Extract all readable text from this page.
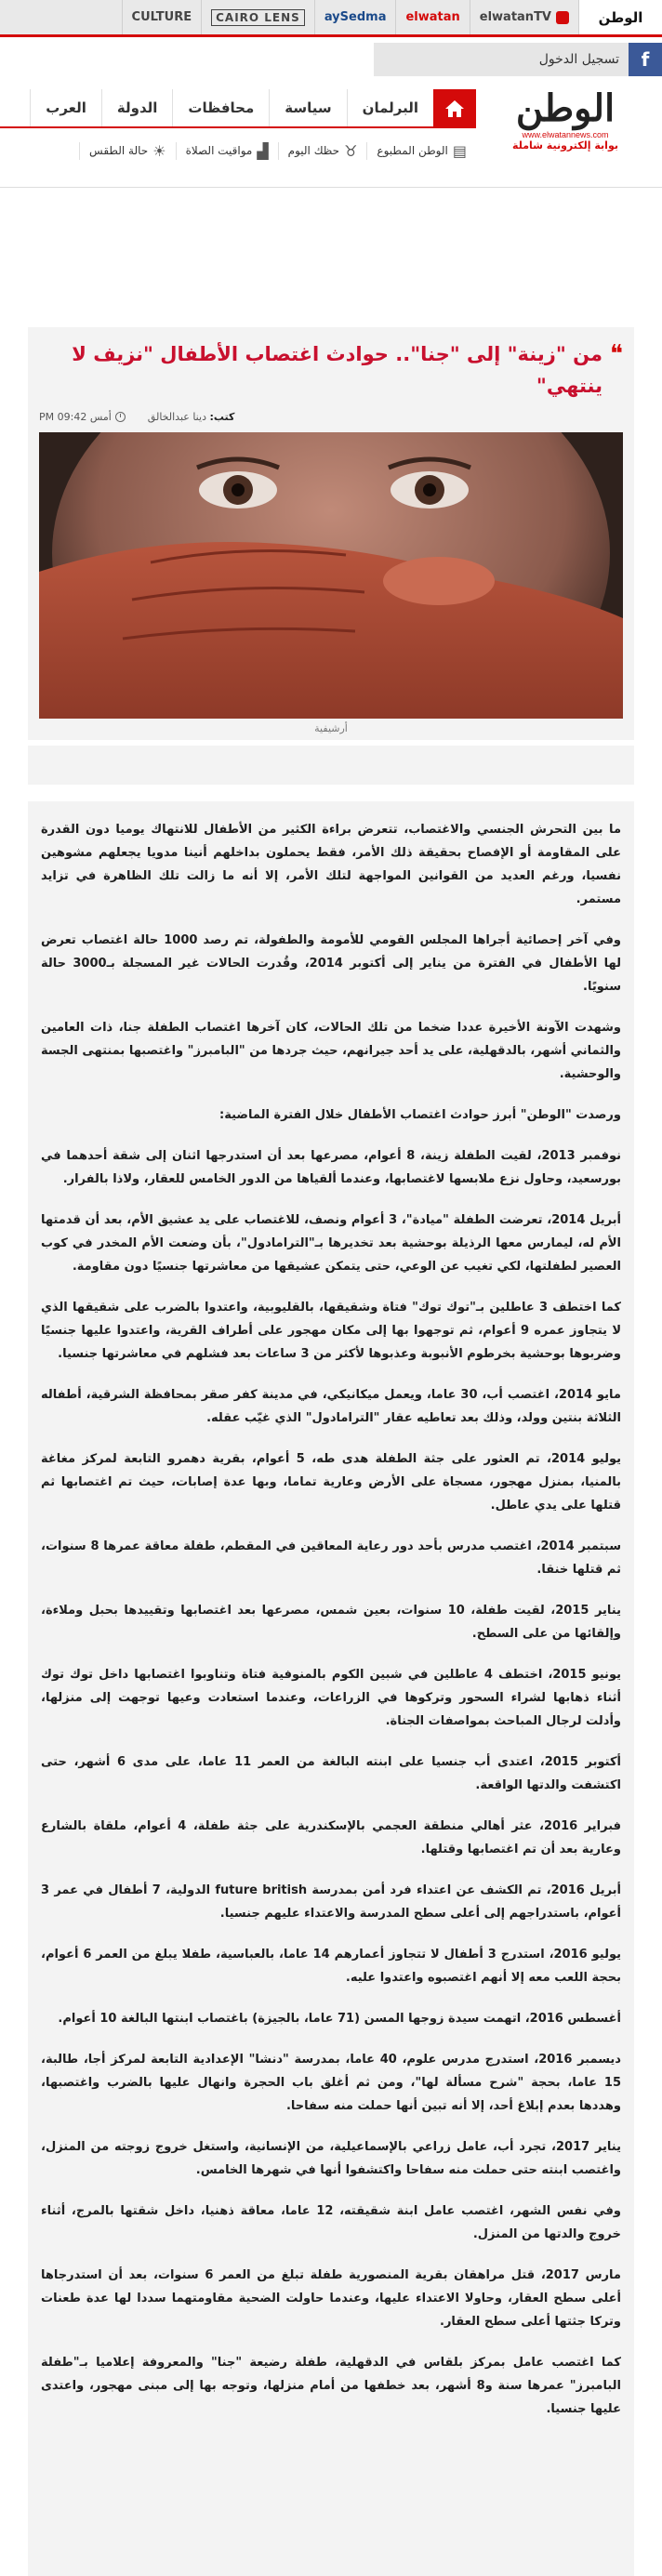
الوطن
elwatanTV
elwatan
aySedma
CAIRO LENS
CULTURE
f
تسجيل الدخول
الوطن
www.elwatannews.com
بوابة إلكترونية شاملة
البرلمان
سياسة
محافظات
الدولة
العرب
▤
الوطن المطبوع
♉
حظك اليوم
▟
مواقيت الصلاة
☀
حالة الطقس
❝
من "زينة" إلى "جنا".. حوادث اغتصاب الأطفال "نزيف لا ينتهي"
كتب: دينا عبدالخالق
أمس 09:42 PM
أرشيفية

ما بين التحرش الجنسي والاغتصاب، تتعرض براءة الكثير من الأطفال للانتهاك يوميا دون القدرة على المقاومة أو الإفصاح بحقيقة ذلك الأمر، فقط يحملون بداخلهم أنينا مدويا يجعلهم مشوهين نفسيا، ورغم العديد من القوانين المواجهة لتلك الأمر، إلا أنه ما زالت تلك الظاهرة في تزايد مستمر.

وفي آخر إحصائية أجراها المجلس القومي للأمومة والطفولة، تم رصد 1000 حالة اغتصاب تعرض لها الأطفال في الفترة من يناير إلى أكتوبر 2014، وقُدرت الحالات غير المسجلة بـ3000 حالة سنويًا.

وشهدت الآونة الأخيرة عددا ضخما من تلك الحالات، كان آخرها اغتصاب الطفلة جنا، ذات العامين والثماني أشهر، بالدقهلية، على يد أحد جيرانهم، حيث جردها من "البامبرز" واغتصبها بمنتهى الجسة والوحشية.

ورصدت "الوطن" أبرز حوادث اغتصاب الأطفال خلال الفترة الماضية:

نوفمبر 2013، لقيت الطفلة زينة، 8 أعوام، مصرعها بعد أن استدرجها اثنان إلى شقة أحدهما في بورسعيد، وحاول نزع ملابسها لاغتصابها، وعندما ألقياها من الدور الخامس للعقار، ولاذا بالفرار.

أبريل 2014، تعرضت الطفلة "ميادة"، 3 أعوام ونصف، للاغتصاب على يد عشيق الأم، بعد أن قدمتها الأم له، ليمارس معها الرذيلة بوحشية بعد تخديرها بـ"الترامادول"، بأن وضعت الأم المخدر في كوب العصير لطفلتها، لكي تغيب عن الوعي، حتى يتمكن عشيقها من معاشرتها جنسيًا دون مقاومة.

كما اختطف 3 عاطلين بـ"توك توك" فتاة وشقيقها، بالقليوبية، واعتدوا بالضرب على شقيقها الذي لا يتجاوز عمره 9 أعوام، ثم توجهوا بها إلى مكان مهجور على أطراف القرية، واعتدوا عليها جنسيًا وضربوها بوحشية بخرطوم الأنبوبة وعذبوها لأكثر من 3 ساعات بعد فشلهم في معاشرتها جنسيا.

مايو 2014، اغتصب أب، 30 عاما، ويعمل ميكانيكي، في مدينة كفر صقر بمحافظة الشرقية، أطفاله الثلاثة بنتين وولد، وذلك بعد تعاطيه عقار "الترامادول" الذي غيّب عقله.

يوليو 2014، تم العثور على جثة الطفلة هدى طه، 5 أعوام، بقرية دهمرو التابعة لمركز مغاغة بالمنيا، بمنزل مهجور، مسجاة على الأرض وعارية تماما، وبها عدة إصابات، حيث تم اغتصابها ثم قتلها على يدي عاطل.

سبتمبر 2014، اغتصب مدرس بأحد دور رعاية المعاقين في المقطم، طفلة معاقة عمرها 8 سنوات، ثم قتلها خنقا.

يناير 2015، لقيت طفلة، 10 سنوات، بعين شمس، مصرعها بعد اغتصابها وتقييدها بحبل وملاءة، وإلقائها من على السطح.

يونيو 2015، اختطف 4 عاطلين في شبين الكوم بالمنوفية فتاة وتناوبوا اغتصابها داخل توك توك أثناء ذهابها لشراء السحور وتركوها في الزراعات، وعندما استعادت وعيها توجهت إلى منزلها، وأدلت لرجال المباحث بمواصفات الجناة.

أكتوبر 2015، اعتدى أب جنسيا على ابنته البالغة من العمر 11 عاما، على مدى 6 أشهر، حتى اكتشفت والدتها الواقعة.

فبراير 2016، عثر أهالي منطقة العجمي بالإسكندرية على جثة طفلة، 4 أعوام، ملقاة بالشارع وعارية بعد أن تم اغتصابها وقتلها.

أبريل 2016، تم الكشف عن اعتداء فرد أمن بمدرسة future british الدولية، 7 أطفال في عمر 3 أعوام، باستدراجهم إلى أعلى سطح المدرسة والاعتداء عليهم جنسيا.

يوليو 2016، استدرج 3 أطفال لا تتجاوز أعمارهم 14 عاما، بالعباسية، طفلا يبلغ من العمر 6 أعوام، بحجة اللعب معه إلا أنهم اغتصبوه واعتدوا عليه.

أغسطس 2016، اتهمت سيدة زوجها المسن (71 عاما، بالجيزة) باغتصاب ابنتها البالغة 10 أعوام.

ديسمبر 2016، استدرج مدرس علوم، 40 عاما، بمدرسة "دنشا" الإعدادية التابعة لمركز أجا، طالبة، 15 عاما، بحجة "شرح مسألة لها"، ومن ثم أغلق باب الحجرة وانهال عليها بالضرب واغتصبها، وهددها بعدم إبلاغ أحد، إلا أنه تبين أنها حملت منه سفاحا.

يناير 2017، تجرد أب، عامل زراعي بالإسماعيلية، من الإنسانية، واستغل خروج زوجته من المنزل، واغتصب ابنته حتى حملت منه سفاحا واكتشفوا أنها في شهرها الخامس.

وفي نفس الشهر، اغتصب عامل ابنة شقيقته، 12 عاما، معاقة ذهنيا، داخل شقتها بالمرج، أثناء خروج والدتها من المنزل.

مارس 2017، قتل مراهقان بقرية المنصورية طفلة تبلغ من العمر 6 سنوات، بعد أن استدرجاها أعلى سطح العقار، وحاولا الاعتداء عليها، وعندما حاولت الضحية مقاومتهما سددا لها عدة طعنات وتركا جثتها أعلى سطح العقار.

كما اغتصب عامل بمركز بلقاس في الدقهلية، طفلة رضيعة "جنا" والمعروفة إعلاميا بـ"طفلة البامبرز" عمرها سنة و8 أشهر، بعد خطفها من أمام منزلها، وتوجه بها إلى مبنى مهجور، واعتدى عليها جنسيا.
